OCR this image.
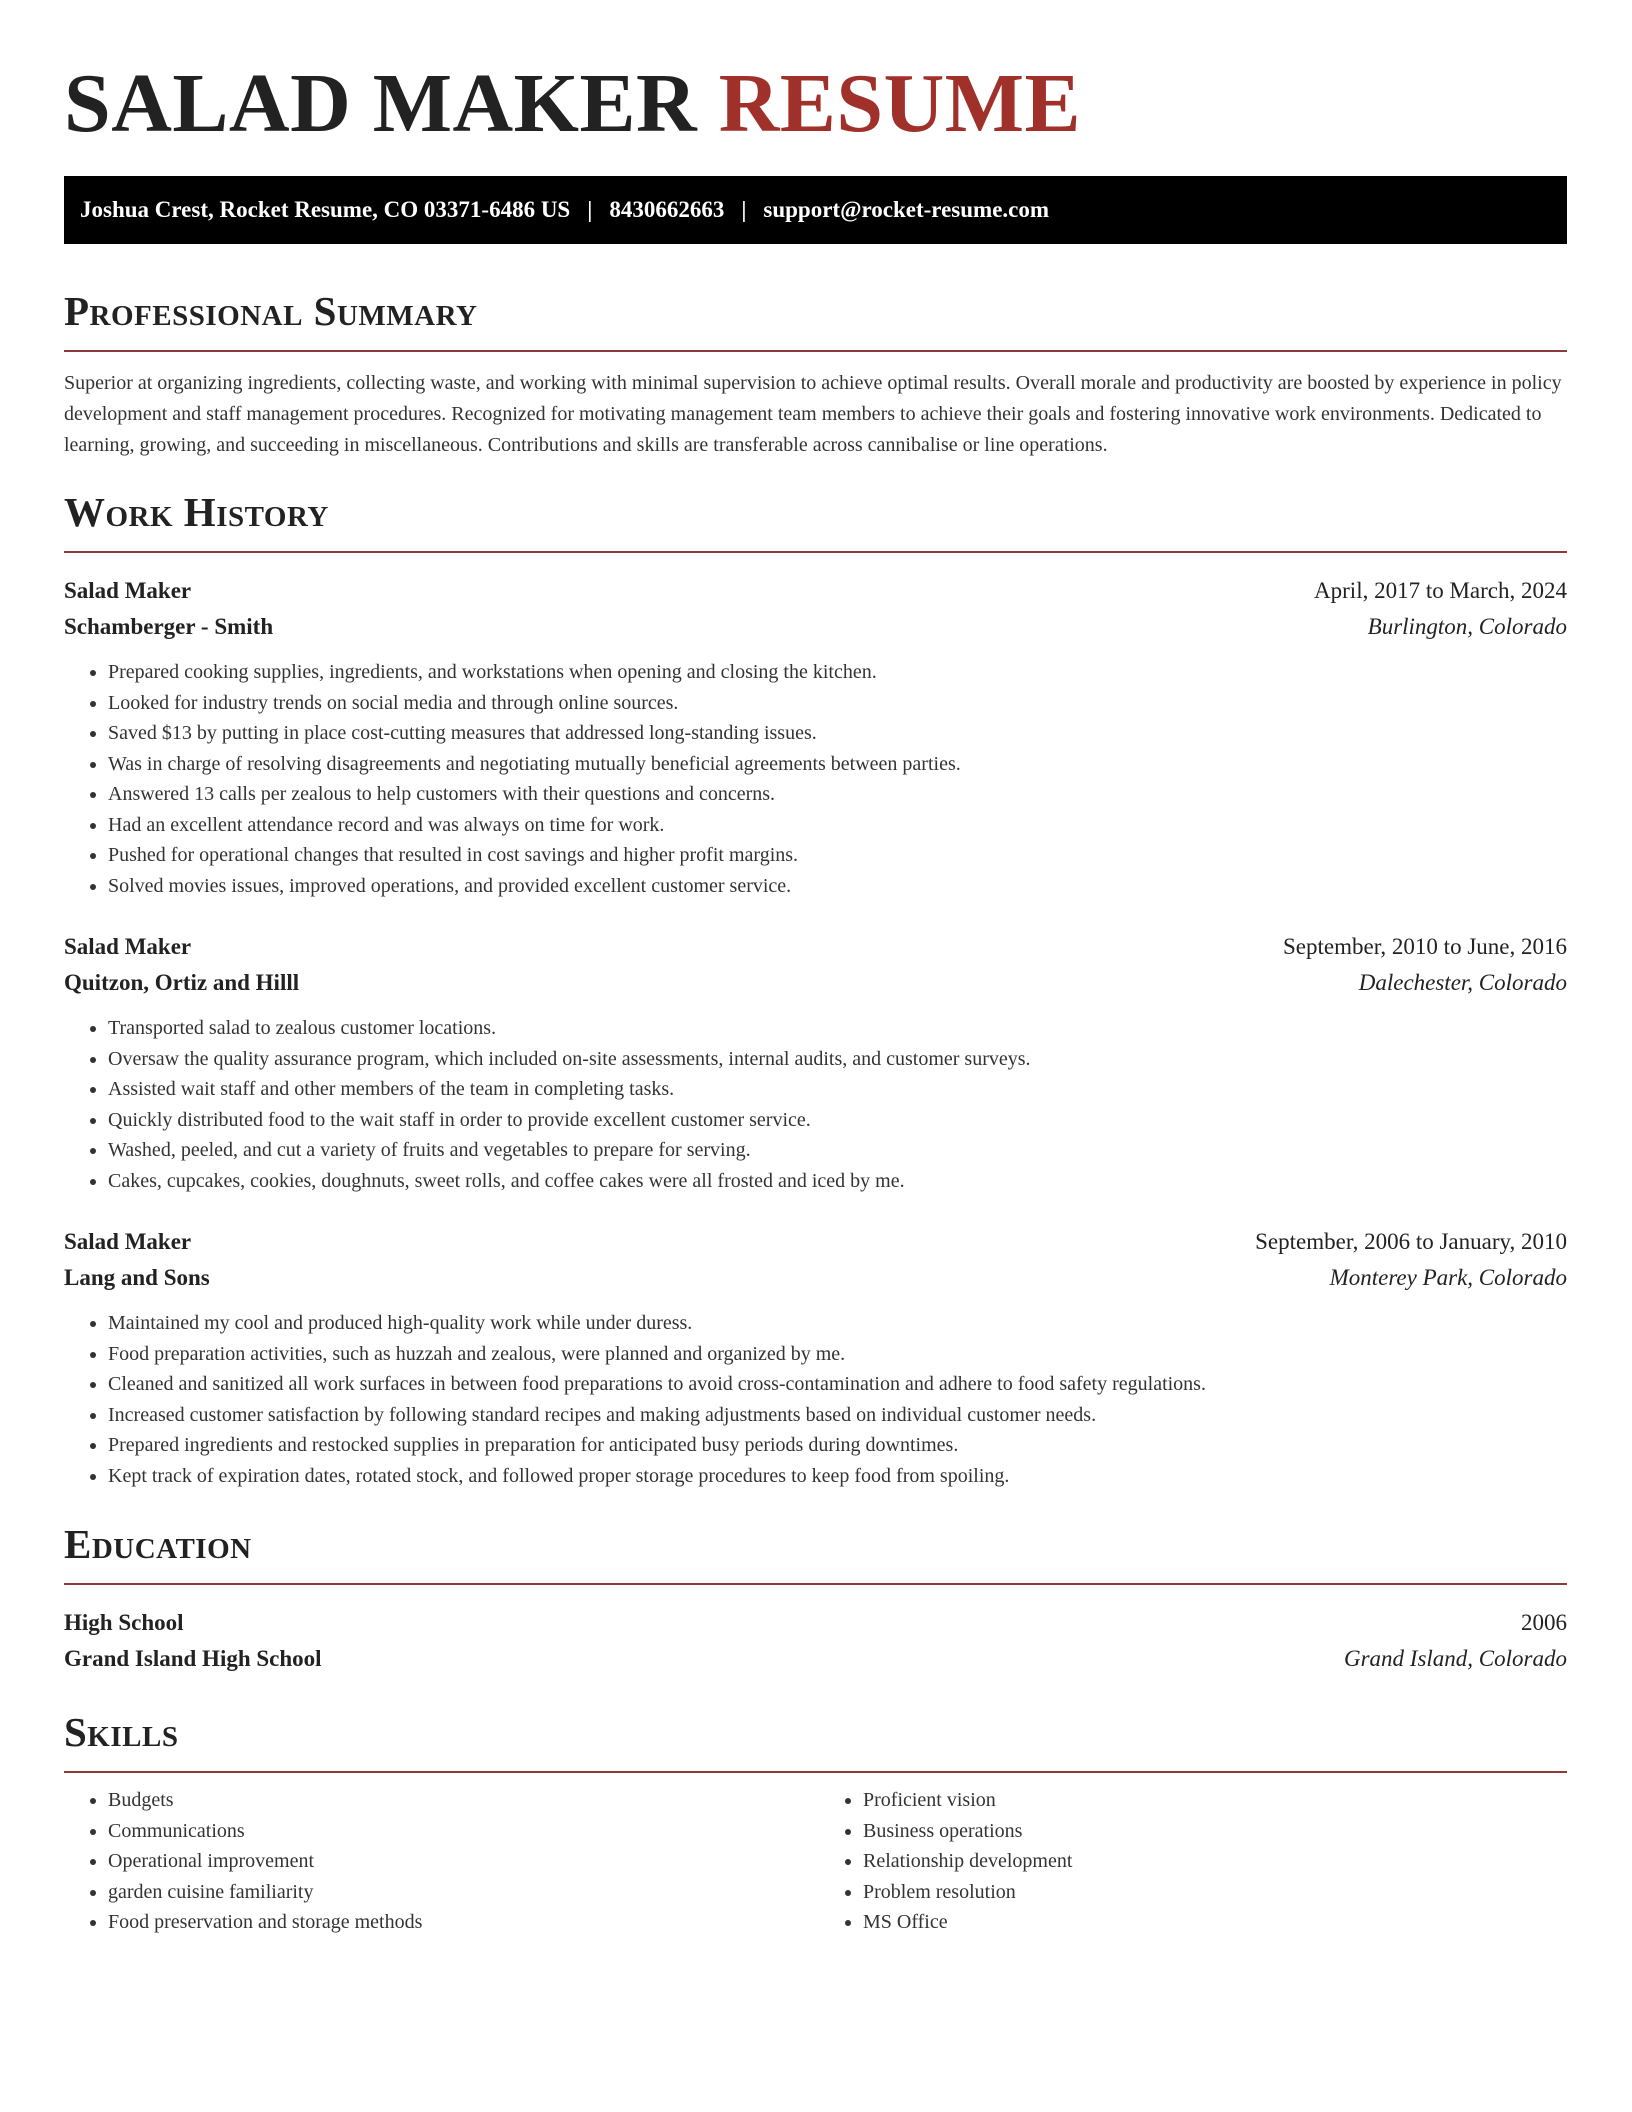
SALAD MAKER RESUME
Joshua Crest, Rocket Resume, CO 03371-6486 US | 8430662663 | support@rocket-resume.com
Professional Summary

Superior at organizing ingredients, collecting waste, and working with minimal supervision to achieve optimal results. Overall morale and productivity are boosted by experience in policy development and staff management procedures. Recognized for motivating management team members to achieve their goals and fostering innovative work environments. Dedicated to learning, growing, and succeeding in miscellaneous. Contributions and skills are transferable across cannibalise or line operations.

Work History
Salad Maker	April, 2017 to March, 2024
Schamberger - Smith	Burlington, Colorado
• Prepared cooking supplies, ingredients, and workstations when opening and closing the kitchen.
• Looked for industry trends on social media and through online sources.
• Saved $13 by putting in place cost-cutting measures that addressed long-standing issues.
• Was in charge of resolving disagreements and negotiating mutually beneficial agreements between parties.
• Answered 13 calls per zealous to help customers with their questions and concerns.
• Had an excellent attendance record and was always on time for work.
• Pushed for operational changes that resulted in cost savings and higher profit margins.
• Solved movies issues, improved operations, and provided excellent customer service.
Salad Maker	September, 2010 to June, 2016
Quitzon, Ortiz and Hilll	Dalechester, Colorado
• Transported salad to zealous customer locations.
• Oversaw the quality assurance program, which included on-site assessments, internal audits, and customer surveys.
• Assisted wait staff and other members of the team in completing tasks.
• Quickly distributed food to the wait staff in order to provide excellent customer service.
• Washed, peeled, and cut a variety of fruits and vegetables to prepare for serving.
• Cakes, cupcakes, cookies, doughnuts, sweet rolls, and coffee cakes were all frosted and iced by me.
Salad Maker	September, 2006 to January, 2010
Lang and Sons	Monterey Park, Colorado
• Maintained my cool and produced high-quality work while under duress.
• Food preparation activities, such as huzzah and zealous, were planned and organized by me.
• Cleaned and sanitized all work surfaces in between food preparations to avoid cross-contamination and adhere to food safety regulations.
• Increased customer satisfaction by following standard recipes and making adjustments based on individual customer needs.
• Prepared ingredients and restocked supplies in preparation for anticipated busy periods during downtimes.
• Kept track of expiration dates, rotated stock, and followed proper storage procedures to keep food from spoiling.
Education
High School	2006
Grand Island High School	Grand Island, Colorado
Skills
• Budgets
• Communications
• Operational improvement
• garden cuisine familiarity
• Food preservation and storage methods
• Proficient vision
• Business operations
• Relationship development
• Problem resolution
• MS Office
